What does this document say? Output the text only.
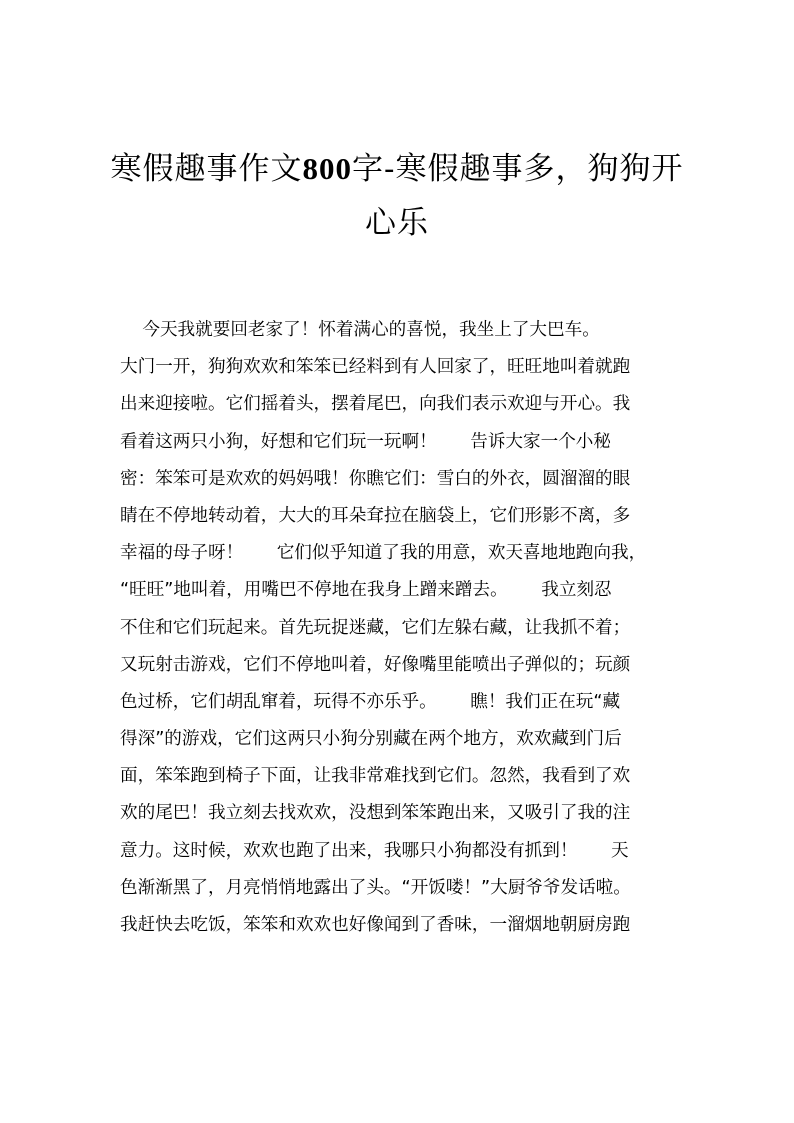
寒假趣事作文800字-寒假趣事多，狗狗开
心乐
今天我就要回老家了！怀着满心的喜悦，我坐上了大巴车。
大门一开，狗狗欢欢和笨笨已经料到有人回家了，旺旺地叫着就跑
出来迎接啦。它们摇着头，摆着尾巴，向我们表示欢迎与开心。我
看着这两只小狗，好想和它们玩一玩啊！      告诉大家一个小秘
密：笨笨可是欢欢的妈妈哦！你瞧它们：雪白的外衣，圆溜溜的眼
睛在不停地转动着，大大的耳朵耷拉在脑袋上，它们形影不离，多
幸福的母子呀！      它们似乎知道了我的用意，欢天喜地地跑向我，
“旺旺”地叫着，用嘴巴不停地在我身上蹭来蹭去。      我立刻忍
不住和它们玩起来。首先玩捉迷藏，它们左躲右藏，让我抓不着；
又玩射击游戏，它们不停地叫着，好像嘴里能喷出子弹似的；玩颜
色过桥，它们胡乱窜着，玩得不亦乐乎。      瞧！我们正在玩“藏
得深”的游戏，它们这两只小狗分别藏在两个地方，欢欢藏到门后
面，笨笨跑到椅子下面，让我非常难找到它们。忽然，我看到了欢
欢的尾巴！我立刻去找欢欢，没想到笨笨跑出来，又吸引了我的注
意力。这时候，欢欢也跑了出来，我哪只小狗都没有抓到！      天
色渐渐黑了，月亮悄悄地露出了头。“开饭喽！”大厨爷爷发话啦。
我赶快去吃饭，笨笨和欢欢也好像闻到了香味，一溜烟地朝厨房跑
